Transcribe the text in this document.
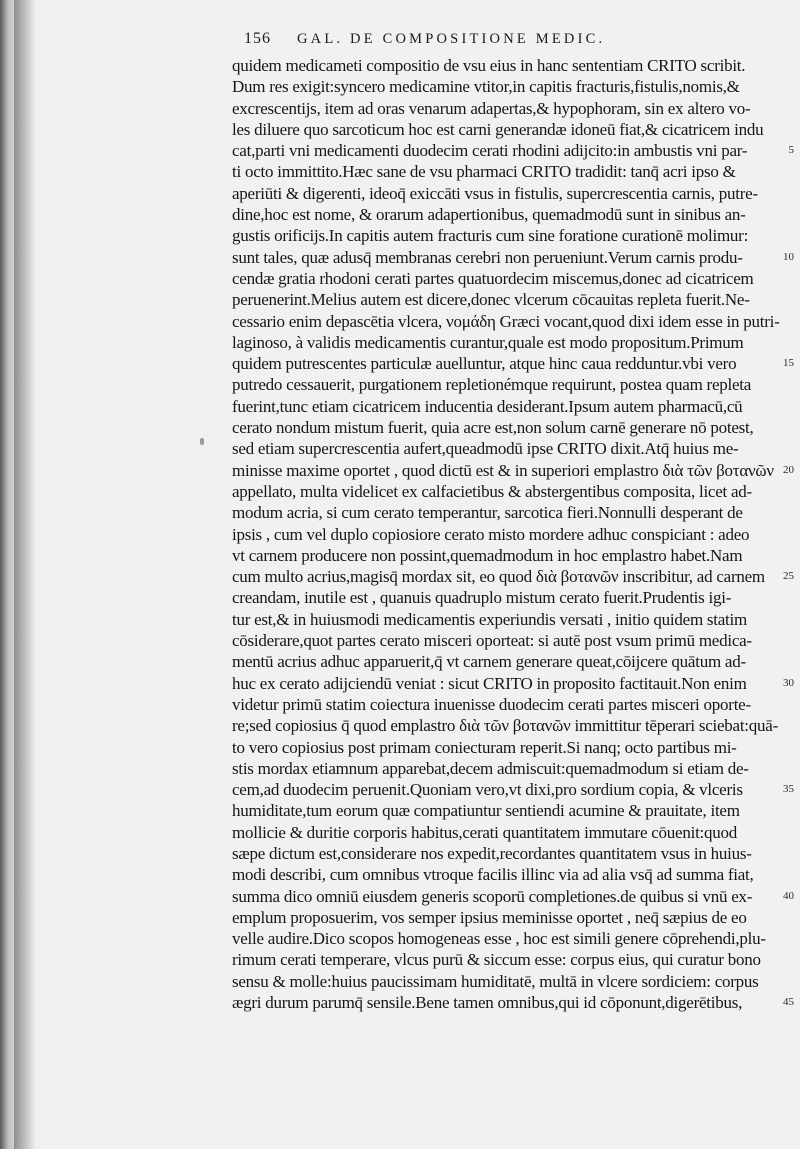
156 GAL. DE COMPOSITIONE MEDIC.
quidem medicameti compositio de vsu eius in hanc sententiam CRITO scribit.
Dum res exigit:syncero medicamine vtitor,in capitis fracturis,fistulis,nomis,&
excrescentijs, item ad oras venarum adapertas,& hypophoram, sin ex altero vo-
les diluere quo sarcoticum hoc est carni generandæ idoneū fiat,& cicatricem indu
cat,parti vni medicamenti duodecim cerati rhodini adijcito:in ambustis vni par-
ti octo immittito.Hæc sane de vsu pharmaci CRITO tradidit: tanq̄ acri ipso &
aperiūti & digerenti, ideoq̄ exiccāti vsus in fistulis, supercrescentia carnis, putre-
dine,hoc est nome, & orarum adapertionibus, quemadmodū sunt in sinibus an-
gustis orificijs.In capitis autem fracturis cum sine foratione curationē molimur:
sunt tales, quæ adusq̄ membranas cerebri non perueniunt.Verum carnis produ-
cendæ gratia rhodoni cerati partes quatuordecim miscemus,donec ad cicatricem
peruenerint.Melius autem est dicere,donec vlcerum cōcauitas repleta fuerit.Ne-
cessario enim depascētia vlcera, νομάδη Græci vocant,quod dixi idem esse in putri-
laginoso, à validis medicamentis curantur,quale est modo propositum.Primum
quidem putrescentes particulæ auelluntur, atque hinc caua redduntur.vbi vero
putredo cessauerit, purgationem repletionémque requirunt, postea quam repleta
fuerint,tunc etiam cicatricem inducentia desiderant.Ipsum autem pharmacū,cū
cerato nondum mistum fuerit, quia acre est,non solum carnē generare nō potest,
sed etiam supercrescentia aufert,queadmodū ipse CRITO dixit.Atq̄ huius me-
minisse maxime oportet , quod dictū est & in superiori emplastro διὰ τῶν βοτανῶν
appellato, multa videlicet ex calfacietibus & abstergentibus composita, licet ad-
modum acria, si cum cerato temperantur, sarcotica fieri.Nonnulli desperant de
ipsis , cum vel duplo copiosiore cerato misto mordere adhuc conspiciant : adeo
vt carnem producere non possint,quemadmodum in hoc emplastro habet.Nam
cum multo acrius,magisq̄ mordax sit, eo quod διὰ βοτανῶν inscribitur, ad carnem
creandam, inutile est , quanuis quadruplo mistum cerato fuerit.Prudentis igi-
tur est,& in huiusmodi medicamentis experiundis versati , initio quidem statim
cōsiderare,quot partes cerato misceri oporteat: si autē post vsum primū medica-
mentū acrius adhuc apparuerit,q̄ vt carnem generare queat,cōijcere quātum ad-
huc ex cerato adijciendū veniat : sicut CRITO in proposito factitauit.Non enim
videtur primū statim coiectura inuenisse duodecim cerati partes misceri oporte-
re;sed copiosius q̄ quod emplastro διὰ τῶν βοτανῶν immittitur tēperari sciebat:quā-
to vero copiosius post primam coniecturam reperit.Si nanq; octo partibus mi-
stis mordax etiamnum apparebat,decem admiscuit:quemadmodum si etiam de-
cem,ad duodecim peruenit.Quoniam vero,vt dixi,pro sordium copia, & vlceris
humiditate,tum eorum quæ compatiuntur sentiendi acumine & prauitate, item
mollicie & duritie corporis habitus,cerati quantitatem immutare cōuenit:quod
sæpe dictum est,considerare nos expedit,recordantes quantitatem vsus in huius-
modi describi, cum omnibus vtroque facilis illinc via ad alia vsq̄ ad summa fiat,
summa dico omniū eiusdem generis scoporū completiones.de quibus si vnū ex-
emplum proposuerim, vos semper ipsius meminisse oportet , neq̄ sæpius de eo
velle audire.Dico scopos homogeneas esse , hoc est simili genere cōprehendi,plu-
rimum cerati temperare, vlcus purū & siccum esse: corpus eius, qui curatur bono
sensu & molle:huius paucissimam humiditatē, multā in vlcere sordiciem: corpus
ægri durum parumq̄ sensile.Bene tamen omnibus,qui id cōponunt,digerētibus,
5
10
15
20
25
30
35
40
45
